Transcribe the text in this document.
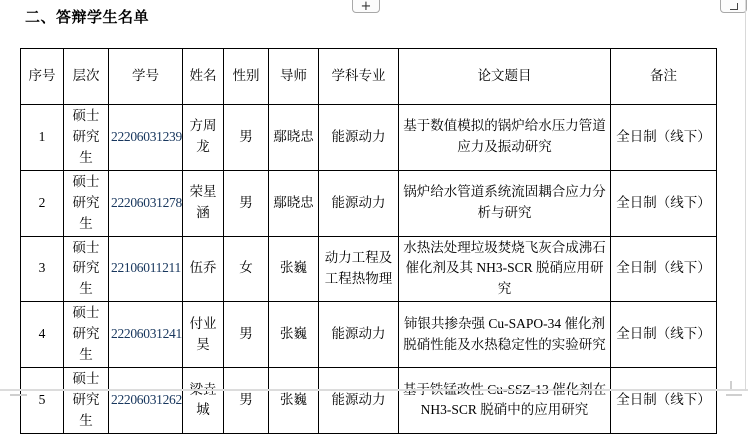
二、答辩学生名单
+
序号	层次	学号	姓名	性别	导师	学科专业	论文题目	备注
1	硕士研究生	22206031239	方周龙	男	鄢晓忠	能源动力	基于数值模拟的锅炉给水压力管道应力及振动研究	全日制（线下）
2	硕士研究生	22206031278	荣星涵	男	鄢晓忠	能源动力	锅炉给水管道系统流固耦合应力分析与研究	全日制（线下）
3	硕士研究生	22106011211	伍乔	女	张巍	动力工程及工程热物理	水热法处理垃圾焚烧飞灰合成沸石催化剂及其 NH3-SCR 脱硝应用研究	全日制（线下）
4	硕士研究生	22206031241	付业昊	男	张巍	能源动力	铈银共掺杂强 Cu-SAPO-34 催化剂脱硝性能及水热稳定性的实验研究	全日制（线下）
5	硕士研究生	22206031262	城	男	张巍	能源动力	NH3-SCR 脱硝中的应用研究	全日制（线下）
